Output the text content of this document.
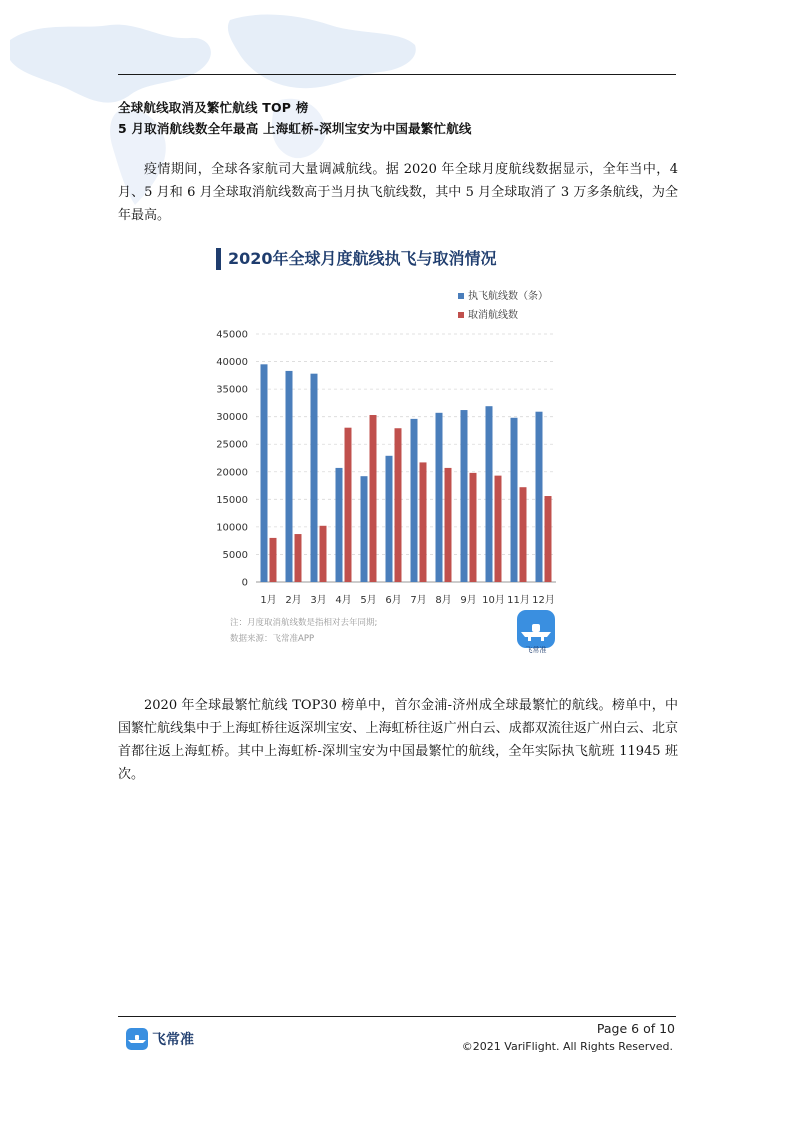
全球航线取消及繁忙航线 TOP 榜
5 月取消航线数全年最高 上海虹桥-深圳宝安为中国最繁忙航线
疫情期间，全球各家航司大量调减航线。据 2020 年全球月度航线数据显示，全年当中，4 月、5 月和 6 月全球取消航线数高于当月执飞航线数，其中 5 月全球取消了 3 万多条航线，为全年最高。
2020年全球月度航线执飞与取消情况
执飞航线数（条）
取消航线数
0
5000
10000
15000
20000
25000
30000
35000
40000
45000
1月 2月 3月 4月 5月 6月 7月 8月 9月 10月 11月 12月
注：月度取消航线数是指相对去年同期;
数据来源：飞常准APP
飞常准
2020 年全球最繁忙航线 TOP30 榜单中，首尔金浦-济州成全球最繁忙的航线。榜单中，中国繁忙航线集中于上海虹桥往返深圳宝安、上海虹桥往返广州白云、成都双流往返广州白云、北京首都往返上海虹桥。其中上海虹桥-深圳宝安为中国最繁忙的航线，全年实际执飞航班 11945 班次。
飞常准
Page 6 of 10
©2021 VariFlight. All Rights Reserved.
